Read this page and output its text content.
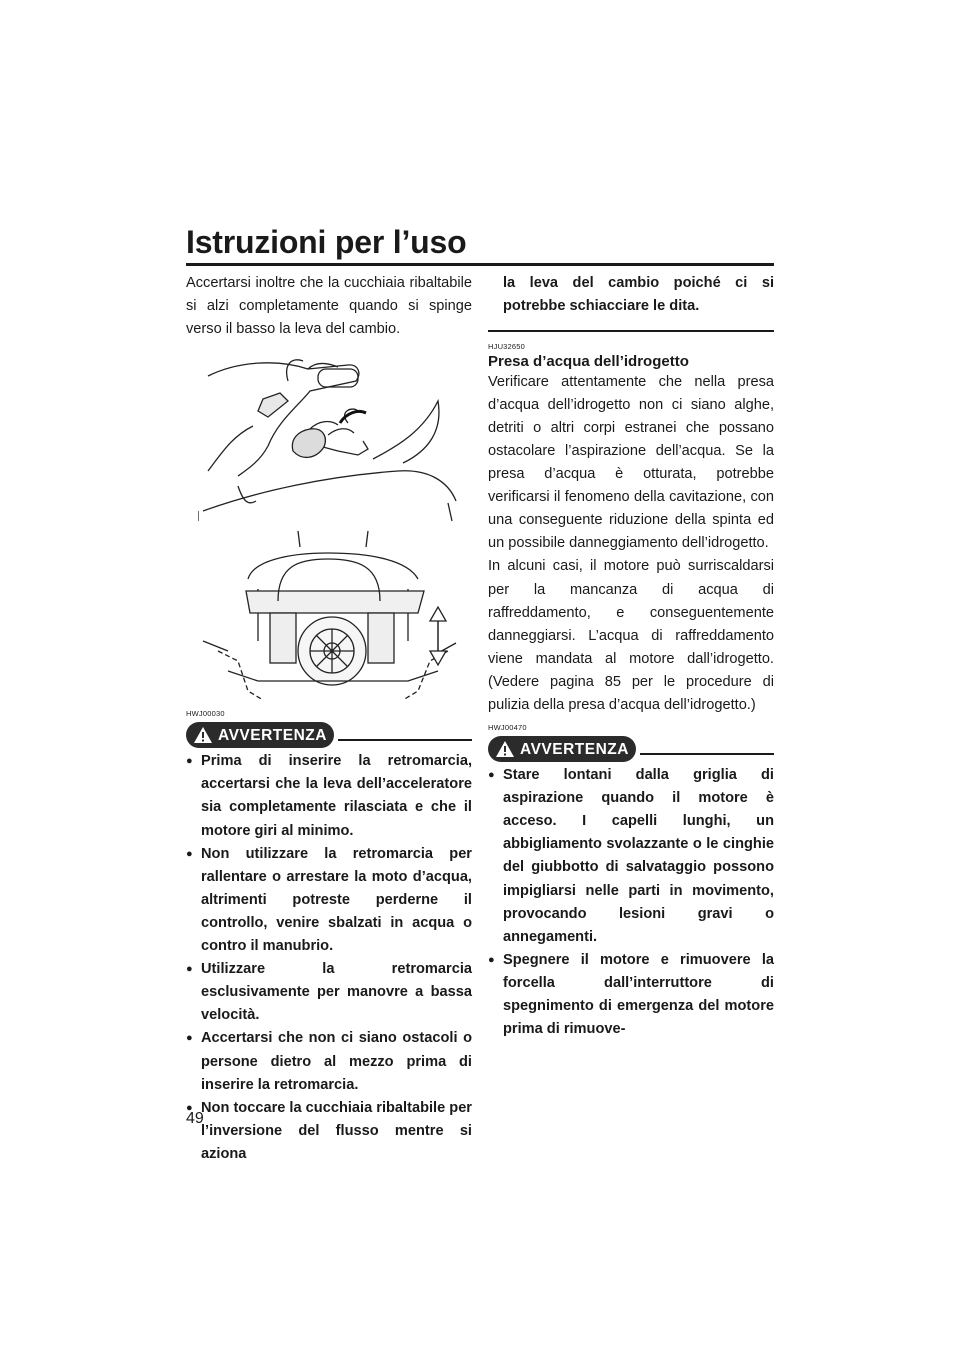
Istruzioni per l’uso

Accertarsi inoltre che la cucchiaia ribaltabile si alzi completamente quando si spinge verso il basso la leva del cambio.

HWJ00030
AVVERTENZA
● Prima di inserire la retromarcia, accertarsi che la leva dell’acceleratore sia completamente rilasciata e che il motore giri al minimo.
● Non utilizzare la retromarcia per rallentare o arrestare la moto d’acqua, altrimenti potreste perderne il controllo, venire sbalzati in acqua o contro il manubrio.
● Utilizzare la retromarcia esclusivamente per manovre a bassa velocità.
● Accertarsi che non ci siano ostacoli o persone dietro al mezzo prima di inserire la retromarcia.
● Non toccare la cucchiaia ribaltabile per l’inversione del flusso mentre si aziona

la leva del cambio poiché ci si potrebbe schiacciare le dita.

HJU32650
Presa d’acqua dell’idrogetto

Verificare attentamente che nella presa d’acqua dell’idrogetto non ci siano alghe, detriti o altri corpi estranei che possano ostacolare l’aspirazione dell’acqua. Se la presa d’acqua è otturata, potrebbe verificarsi il fenomeno della cavitazione, con una conseguente riduzione della spinta ed un possibile danneggiamento dell’idrogetto.

In alcuni casi, il motore può surriscaldarsi per la mancanza di acqua di raffreddamento, e conseguentemente danneggiarsi. L’acqua di raffreddamento viene mandata al motore dall’idrogetto. (Vedere pagina 85 per le procedure di pulizia della presa d’acqua dell’idrogetto.)

HWJ00470
AVVERTENZA
● Stare lontani dalla griglia di aspirazione quando il motore è acceso. I capelli lunghi, un abbigliamento svolazzante o le cinghie del giubbotto di salvataggio possono impigliarsi nelle parti in movimento, provocando lesioni gravi o annegamenti.
● Spegnere il motore e rimuovere la forcella dall’interruttore di spegnimento di emergenza del motore prima di rimuove-
49
